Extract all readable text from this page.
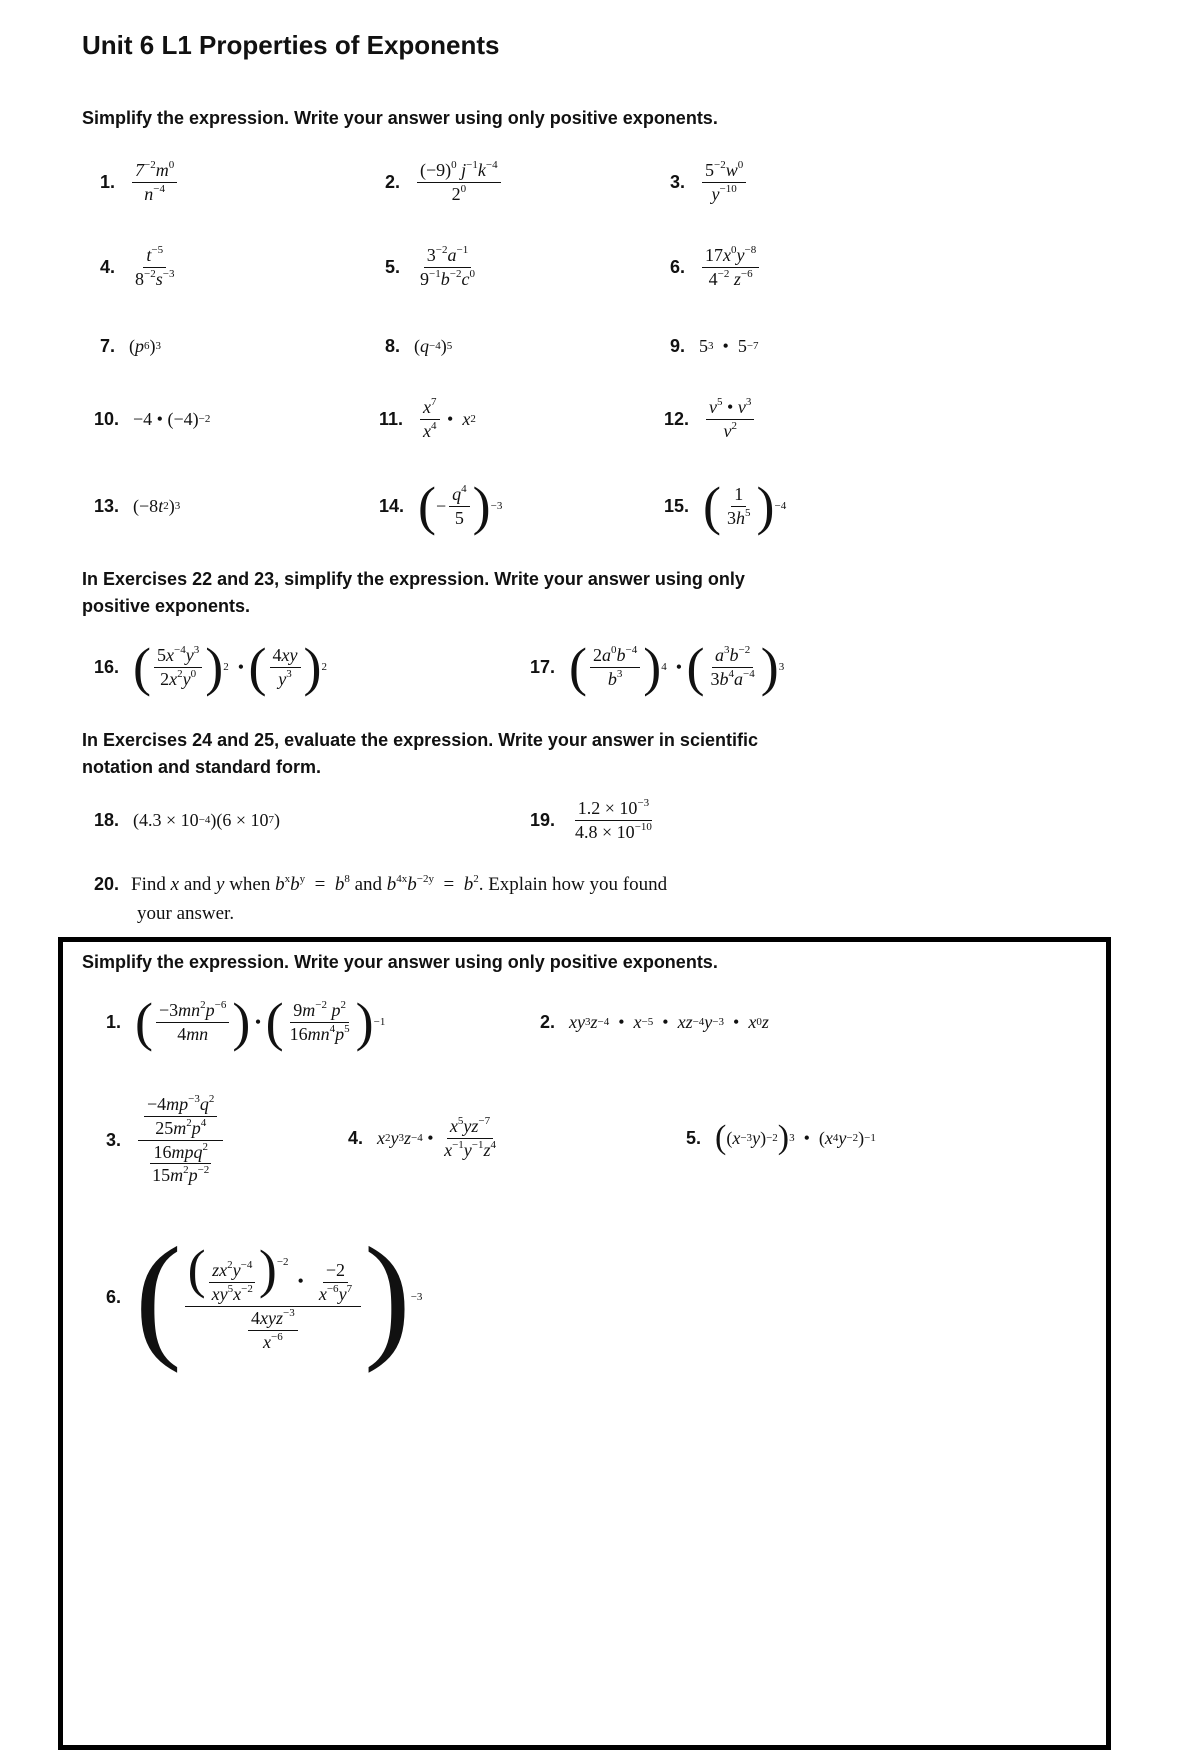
Unit 6 L1 Properties of Exponents
Simplify the expression. Write your answer using only positive exponents.
1. $\frac{7^{-2}m^0}{n^{-4}}$	2. $\frac{(-9)^0 j^{-1}k^{-4}}{2^0}$	3. $\frac{5^{-2}w^0}{y^{-10}}$
4. $\frac{t^{-5}}{8^{-2}s^{-3}}$	5. $\frac{3^{-2}a^{-1}}{9^{-1}b^{-2}c^0}$	6. $\frac{17x^0y^{-8}}{4^{-2} z^{-6}}$
7. ( p 6 ) 3	8. ( q −4 ) 5	9. 5 3 •  5 −7
10. −4 • (−4) −2	11. $\frac{x^7}{x^4}$ • x 2	12. $\frac{v^5 • v^3}{v^2}$
13. (−8 t 2 ) 3	14. ( − $\frac{q^4}{5}$ ) −3	15. ( $\frac{1}{3h^5}$ ) −4
In Exercises 22 and 23, simplify the expression. Write your answer using only
positive exponents.
16. ( $\frac{5x^{-4}y^3}{2x^2y^0}$ ) 2 • ( $\frac{4xy}{y^3}$ ) 2	17. ( $\frac{2a^0b^{-4}}{b^3}$ ) 4 • ( $\frac{a^3b^{-2}}{3b^4a^{-4}}$ ) 3
In Exercises 24 and 25, evaluate the expression. Write your answer in scientific
notation and standard form.
18. (4.3 × 10 −4 )(6 × 10 7 )	19. $\frac{1.2 \times 10^{-3}}{4.8 \times 10^{-10}}$
20. Find x and y when $b^xb^y = b^8$ and $b^{4x}b^{-2y} = b^2$. Explain how you found
your answer.
Simplify the expression. Write your answer using only positive exponents.
1. ( $\frac{-3mn^2p^{-6}}{4mn}$ ) • ( $\frac{9m^{-2} p^2}{16mn^4p^5}$ ) −1	2. xy 3 z −4 • x −5 • xz −4 y −3 • x 0 z
3. $\frac{\frac{-4mp^{-3}q^2}{25m^2p^4}}{\frac{16mpq^2}{15m^2p^{-2}}}$	4. x 2 y 3 z −4 • $\frac{x^5yz^{-7}}{x^{-1}y^{-1}z^4}$	5. ( ( x −3 y ) −2 ) 3 •  ( x 4 y −2 ) −1
6. ( $\frac{( \frac{zx^2y^{-4}}{xy^5x^{-2}} )^{-2} • \frac{-2}{x^{-6}y^7}}{\frac{4xyz^{-3}}{x^{-6}}}$ ) −3
